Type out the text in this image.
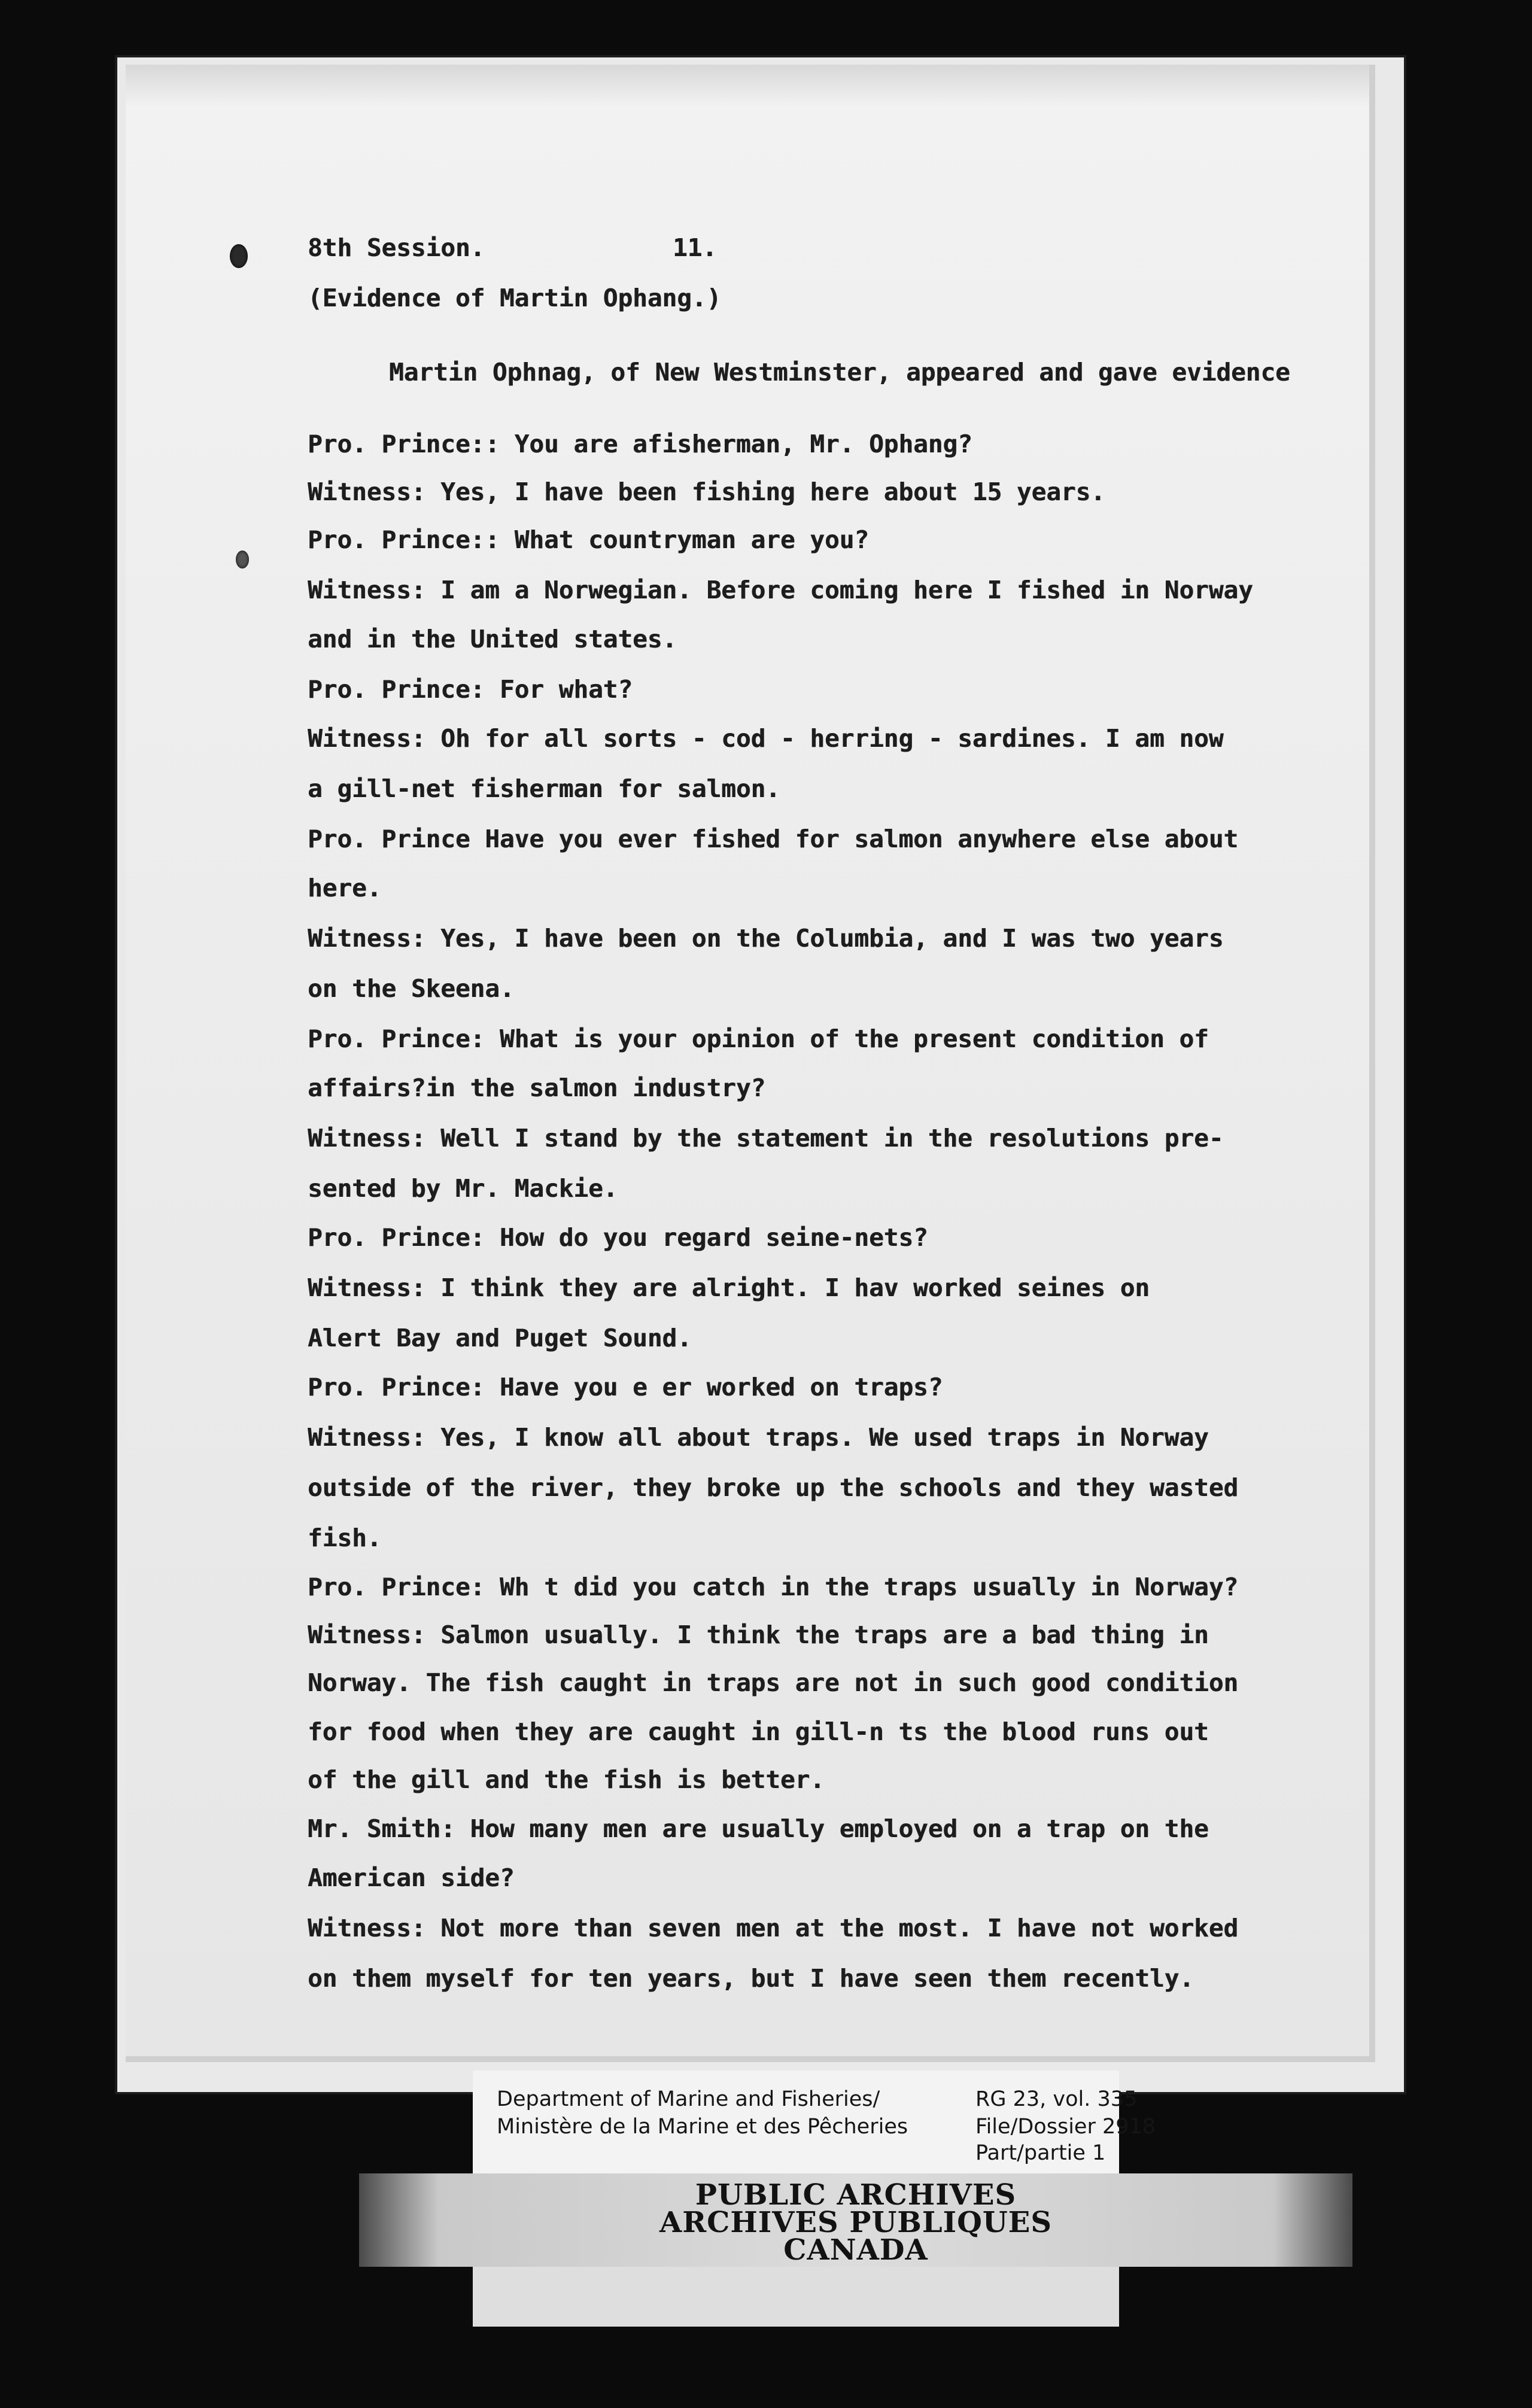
8th Session.	11.
(Evidence of Martin Ophang.)
Martin Ophnag, of New Westminster, appeared and gave evidence
Pro. Prince:: You are afisherman, Mr. Ophang?
Witness: Yes, I have been fishing here about 15 years.
Pro. Prince:: What countryman are you?
Witness: I am a Norwegian. Before coming here I fished in Norway
and in the United states.
Pro. Prince: For what?
Witness: Oh for all sorts - cod - herring - sardines. I am now
a gill-net fisherman for salmon.
Pro. Prince Have you ever fished for salmon anywhere else about
here.
Witness: Yes, I have been on the Columbia, and I was two years
on the Skeena.
Pro. Prince: What is your opinion of the present condition of
affairs?in the salmon industry?
Witness: Well I stand by the statement in the resolutions pre-
sented by Mr. Mackie.
Pro. Prince: How do you regard seine-nets?
Witness: I think they are alright. I hav worked seines on
Alert Bay and Puget Sound.
Pro. Prince: Have you e er worked on traps?
Witness: Yes, I know all about traps. We used traps in Norway
outside of the river, they broke up the schools and they wasted
fish.
Pro. Prince: Wh t did you catch in the traps usually in Norway?
Witness: Salmon usually. I think the traps are a bad thing in
Norway. The fish caught in traps are not in such good condition
for food when they are caught in gill-n ts the blood runs out
of the gill and the fish is better.
Mr. Smith: How many men are usually employed on a trap on the
American side?
Witness: Not more than seven men at the most. I have not worked
on them myself for ten years, but I have seen them recently.
Department of Marine and Fisheries/
Ministère de la Marine et des Pêcheries
RG 23, vol. 335
File/Dossier 2918
Part/partie 1
PUBLIC ARCHIVES
ARCHIVES PUBLIQUES
CANADA
